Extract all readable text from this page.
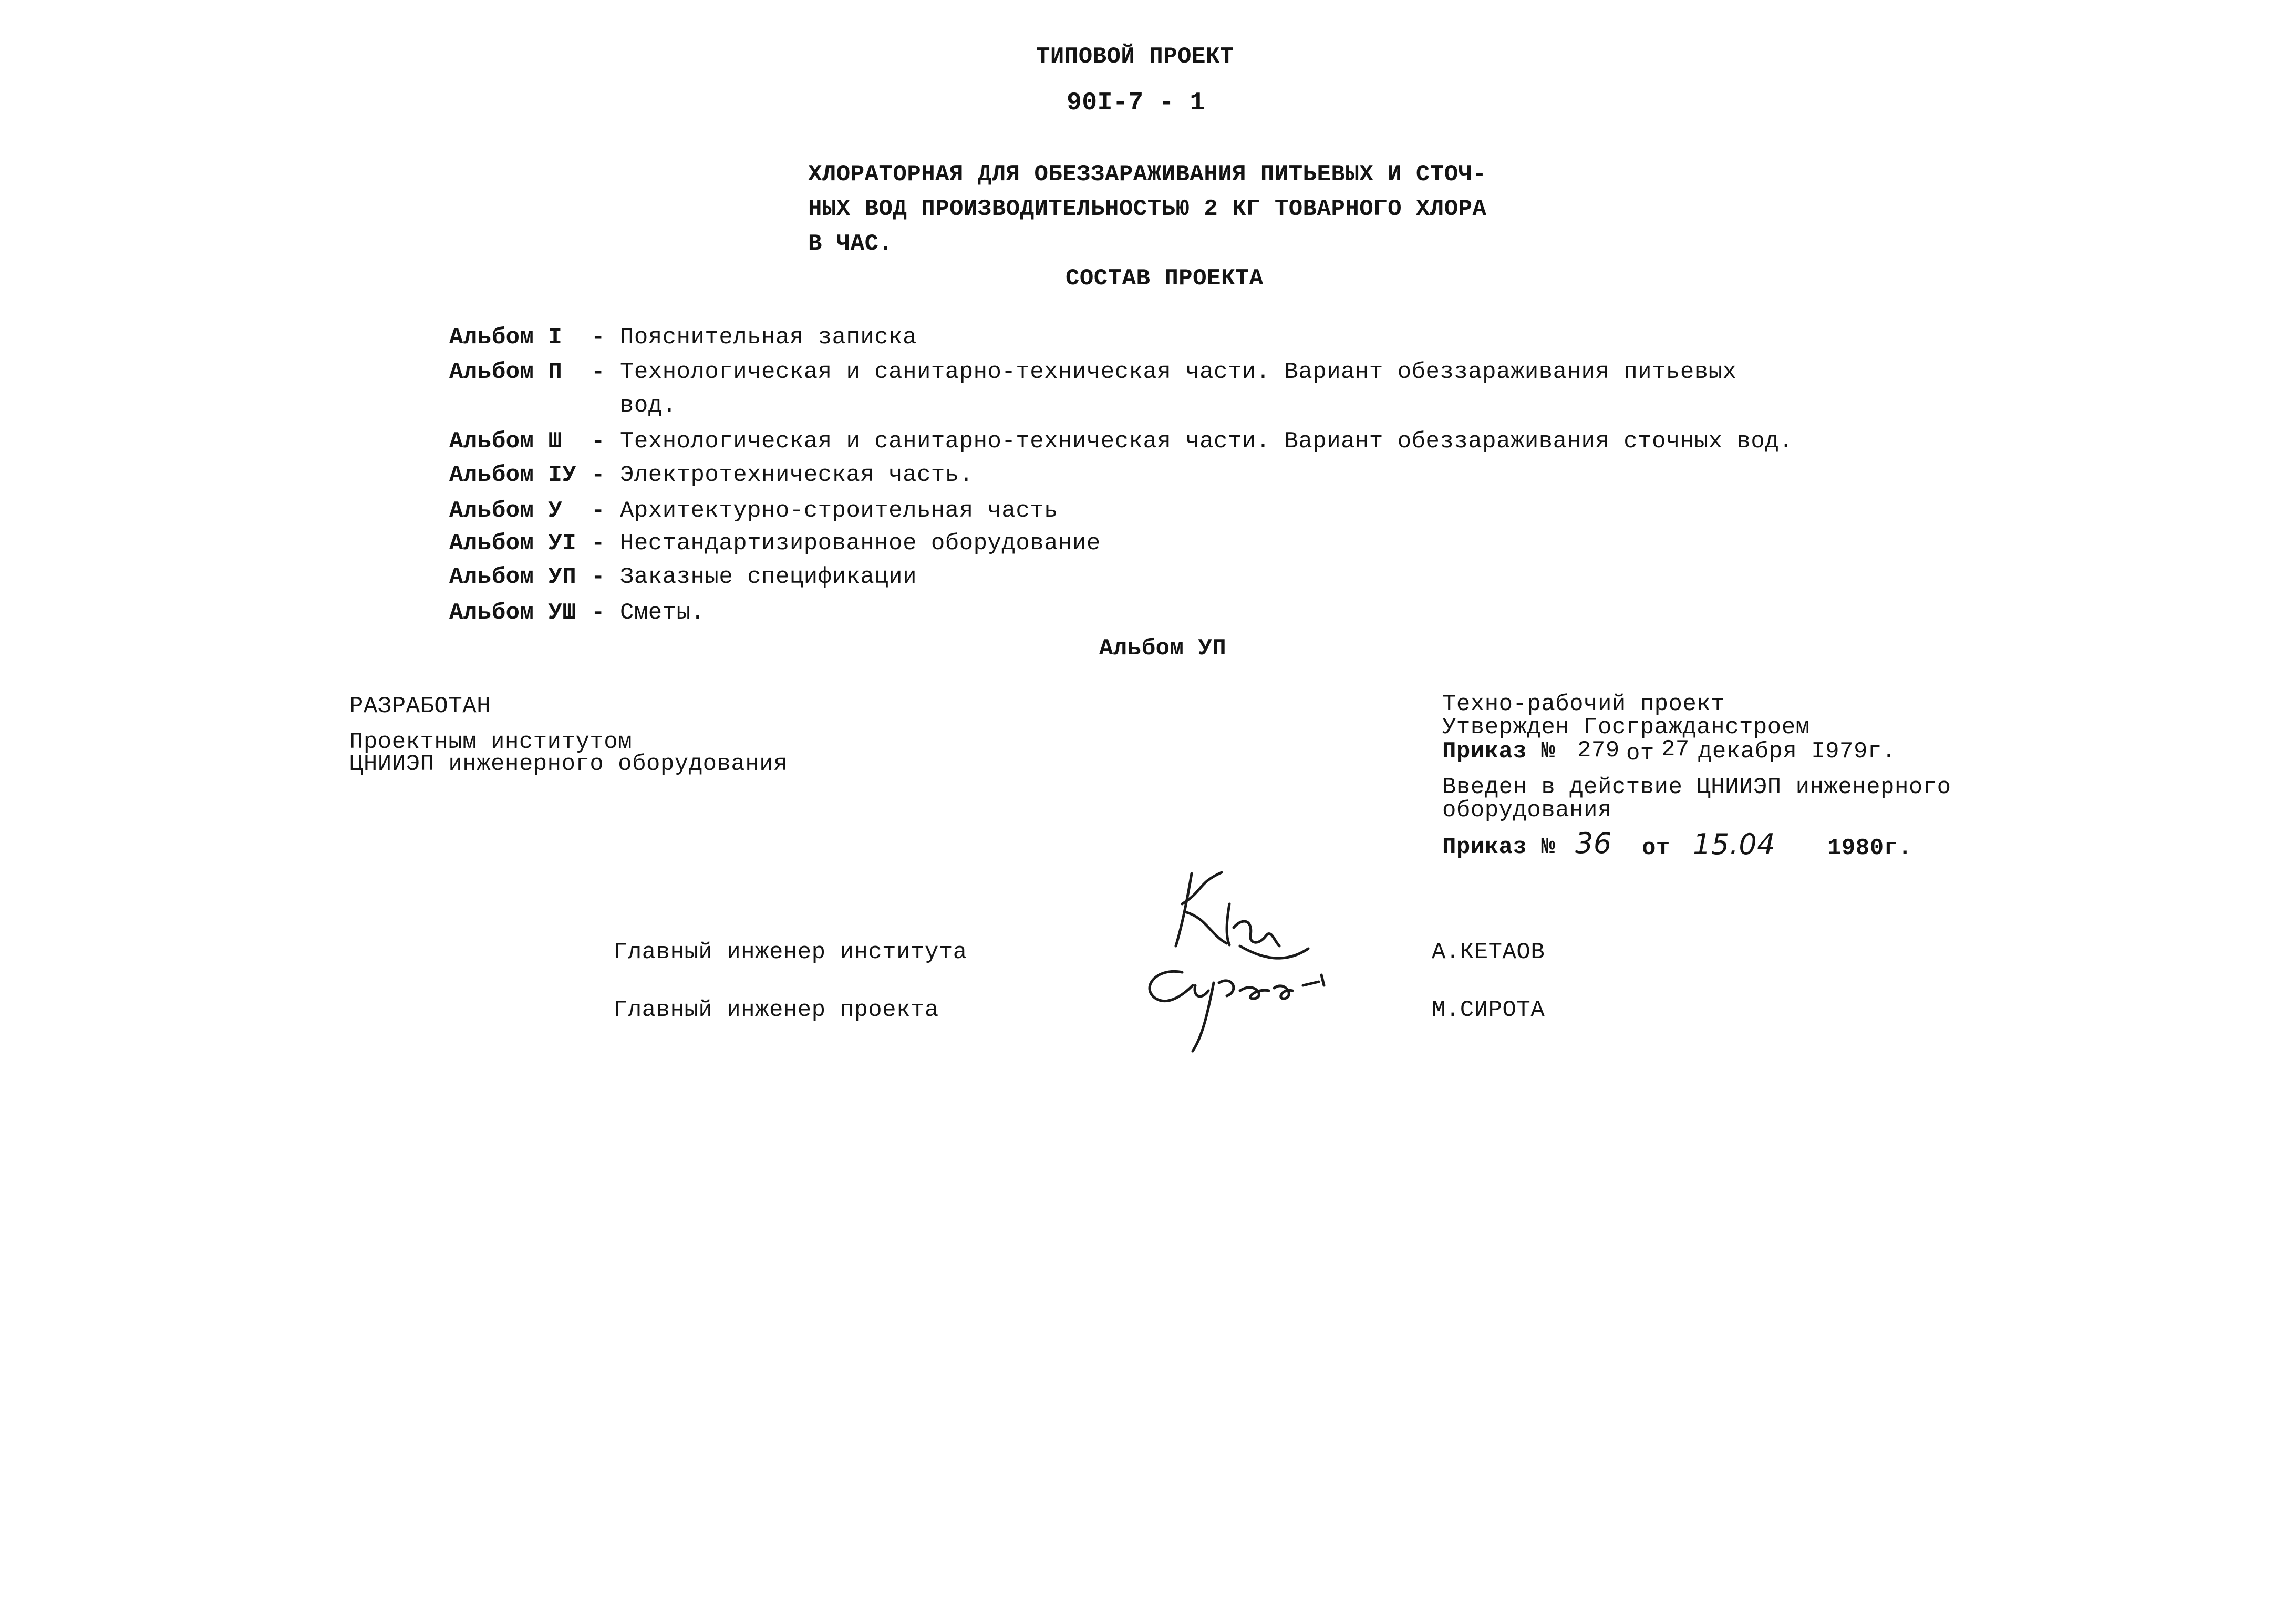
ТИПОВОЙ ПРОЕКТ
90I-7 - 1
ХЛОРАТОРНАЯ ДЛЯ ОБЕЗЗАРАЖИВАНИЯ ПИТЬЕВЫХ И СТОЧ-
НЫХ ВОД ПРОИЗВОДИТЕЛЬНОСТЬЮ 2 КГ ТОВАРНОГО ХЛОРА
В ЧАС.
СОСТАВ ПРОЕКТА
Альбом I - Пояснительная записка
Альбом П - Технологическая и санитарно-техническая части. Вариант обеззараживания питьевых
вод.
Альбом Ш - Технологическая и санитарно-техническая части. Вариант обеззараживания сточных вод.
Альбом IУ - Электротехническая часть.
Альбом У - Архитектурно-строительная часть
Альбом УI - Нестандартизированное оборудование
Альбом УП - Заказные спецификации
Альбом УШ - Сметы.
Альбом УП
РАЗРАБОТАН
Проектным институтом
ЦНИИЭП инженерного оборудования
Техно-рабочий проект
Утвержден Госгражданстроем
Приказ № 279 от 27 декабря I979г.
Введен в действие ЦНИИЭП инженерного
оборудования
Приказ № 36 от 15.04 1980г.
Главный инженер института	А.КЕТАОВ
Главный инженер проекта	М.СИРОТА
